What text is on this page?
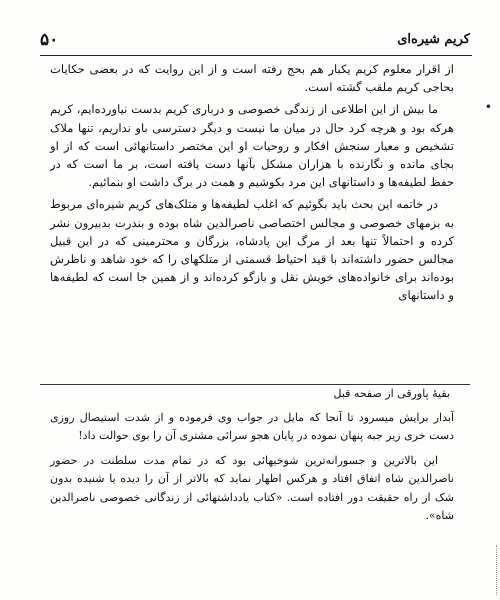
۵۰	کریم شیره‌ای
•

از اقرار معلوم کریم یکبار هم بحج رفته است و از این روایت که در بعضی حکایات بحاجی کریم ملقب گشته است.

ما بیش از این اطلاعی از زندگی خصوصی و درباری کریم بدست نیاورده‌ایم، کریم هرکه بود و هرچه کرد حال در میان ما نیست و دیگر دسترسی باو نداریم، تنها ملاک تشخیص و معیار سنجش افکار و روحیات او این مختصر داستانهائی است که از او بجای مانده و نگارنده با هزاران مشکل بآنها دست یافته است، بر ما است که در حفظ لطیفه‌ها و داستانهای این مرد بکوشیم و همت در برگ داشت او بنمائیم.

در خاتمه این بحث باید بگوئیم که اغلب لطیفه‌ها و متلک‌های کریم شیره‌ای مربوط به بزمهای خصوصی و مجالس اختصاصی ناصرالدین شاه بوده و بندرت بدبیرون نشر کرده و احتمالاً تنها بعد از مرگ این پادشاه، بزرگان و محترمینی که در این قبیل مجالس حضور داشته‌اند با قید احتیاط قسمتی از متلکهای را که خود شاهد و ناظرش بوده‌اند برای خانواده‌های خویش نقل و بازگو کرده‌اند و از همین جا است که لطیفه‌ها و داستانهای

بقیهٔ پاورقی از صفحه قبل

آبدار برایش میسرود تا آنجا که مایل در جواب وی فرموده و از شدت استیصال روزی دست خری زیر جبه پنهان نموده در پایان هجو سرائی مشتری آن را بوی حوالت داد!

این بالاترین و جسورانه‌ترین شوخیهائی بود که در تمام مدت سلطنت در حضور ناصرالدین شاه اتفاق افتاد و هرکس اظهار نماید که بالاتر از آن را دیده یا شنیده بدون شک از راه حقیقت دور افتاده است. «کتاب یادداشتهائی از زندگانی خصوصی ناصرالدین شاه».
